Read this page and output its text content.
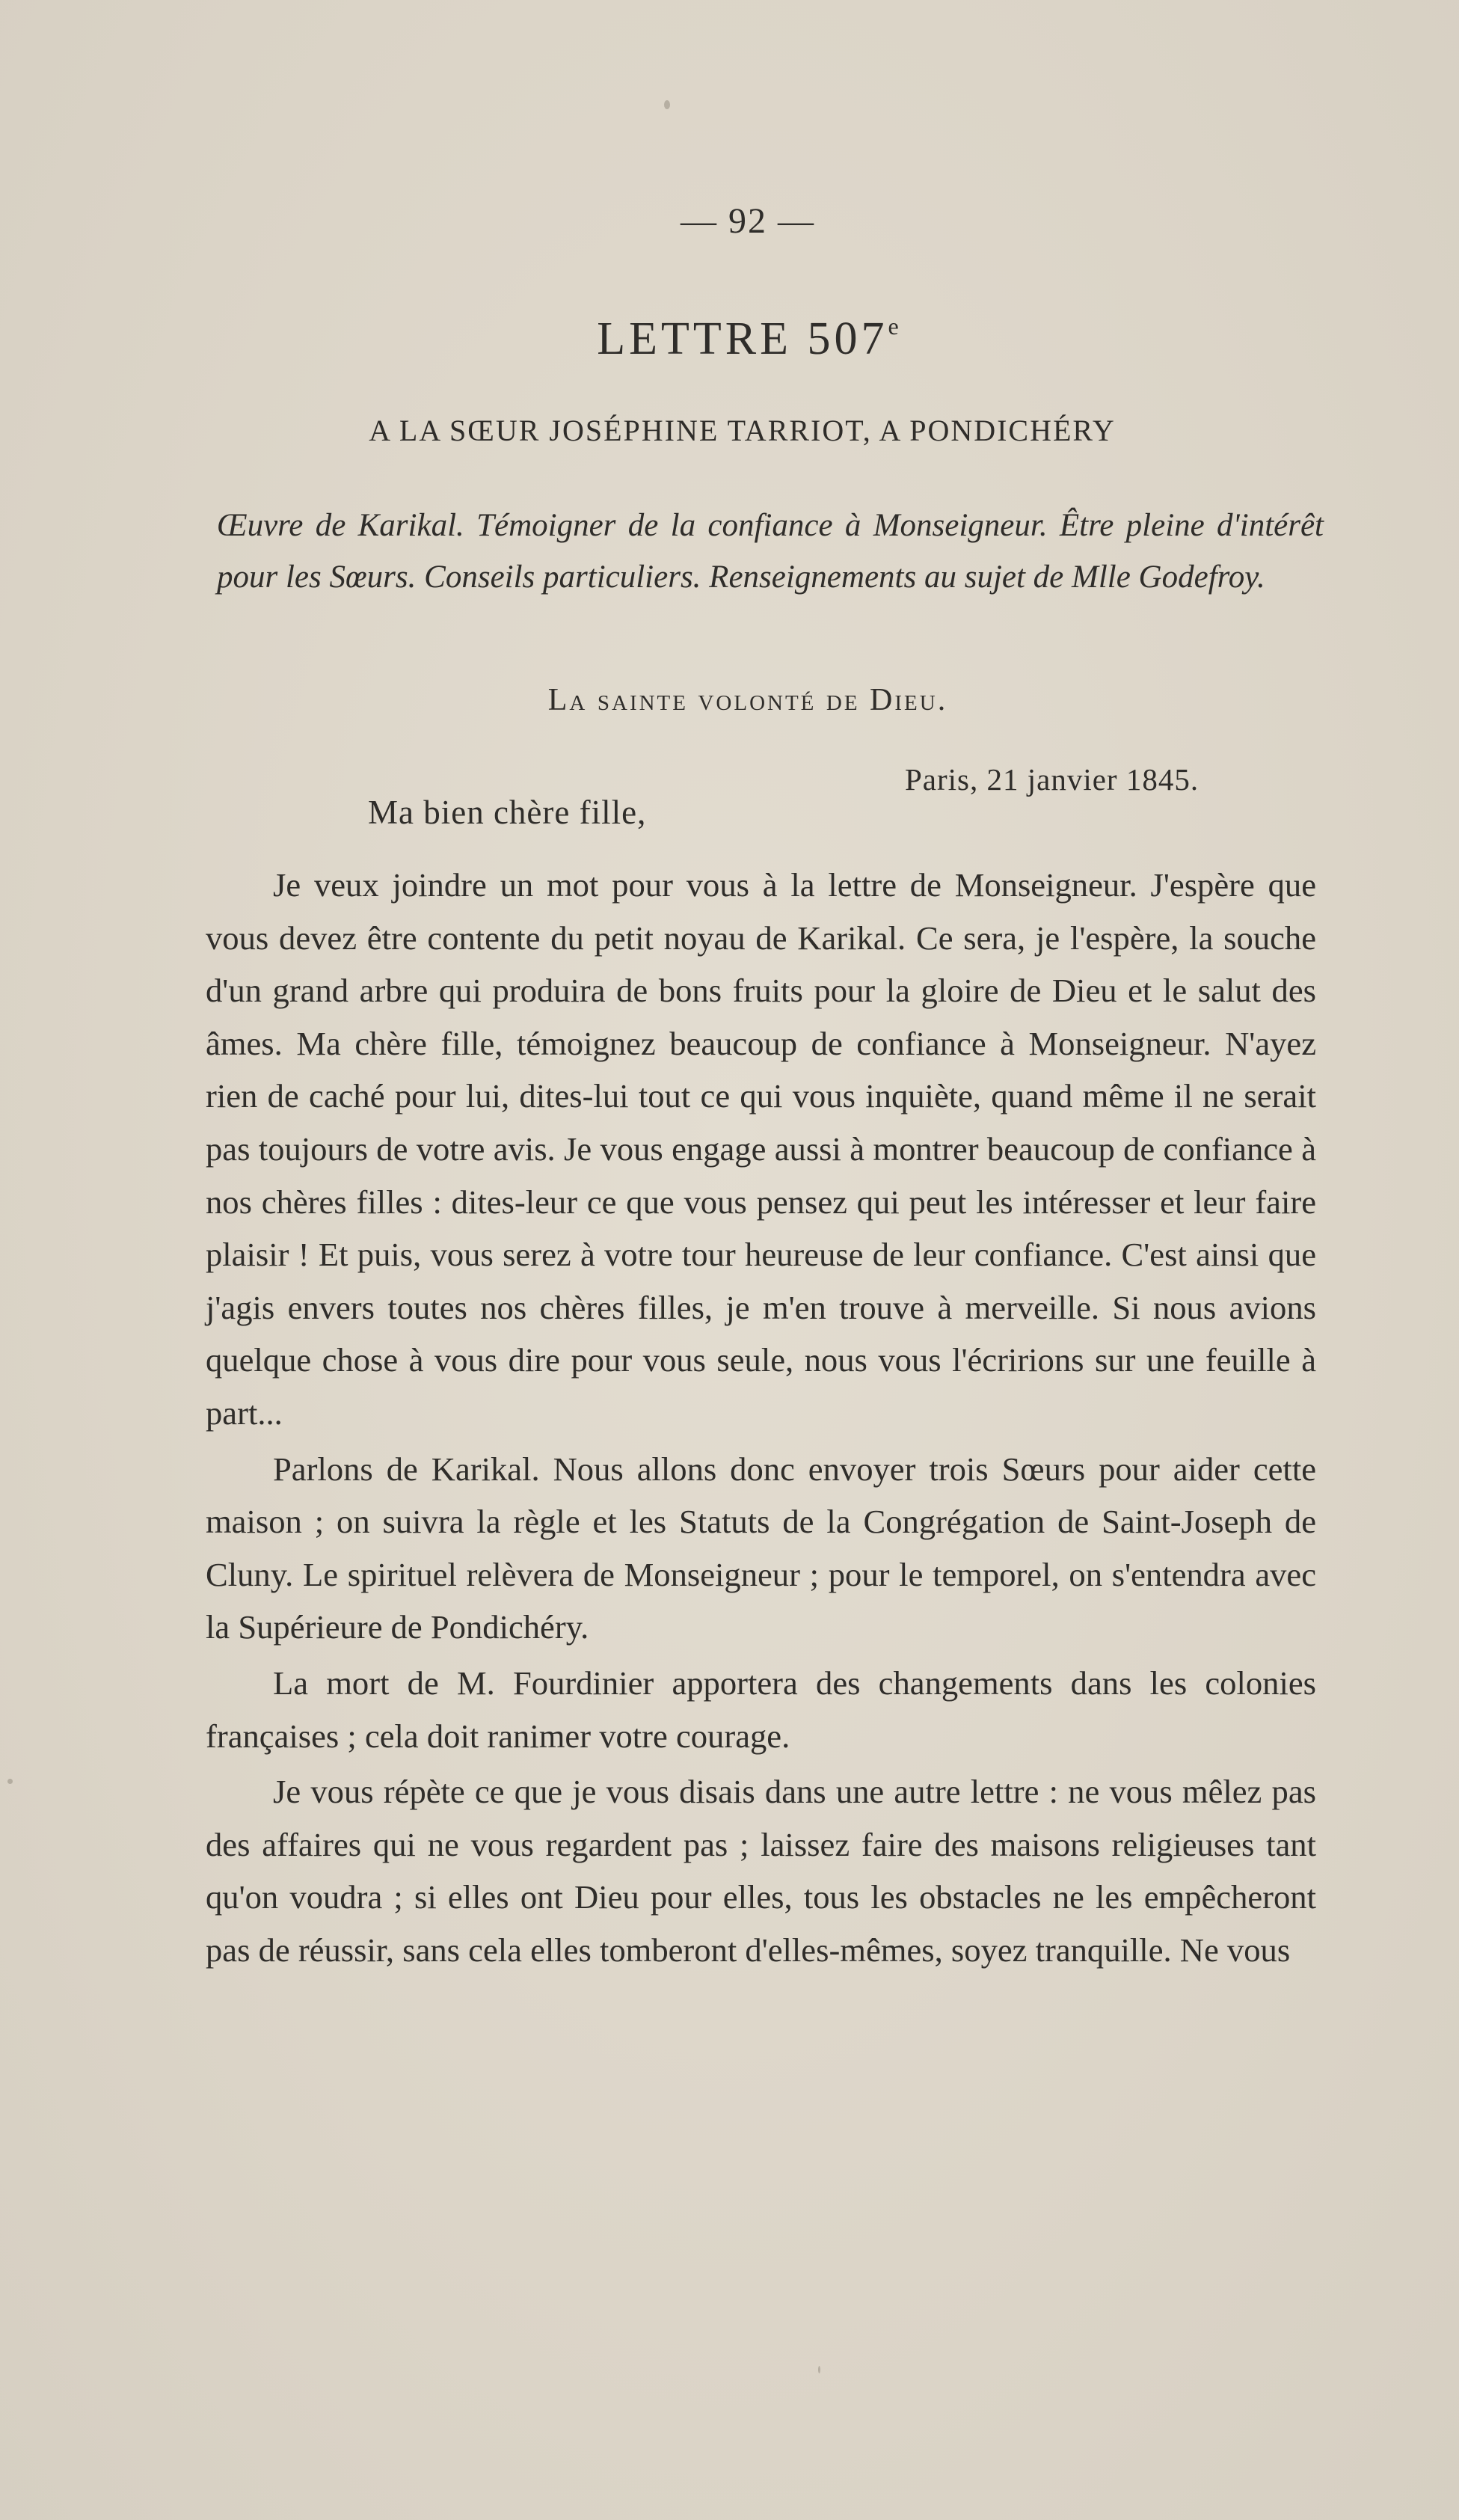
— 92 —
LETTRE 507e
A LA SŒUR JOSÉPHINE TARRIOT, A PONDICHÉRY
Œuvre de Karikal. Témoigner de la confiance à Monseigneur. Être pleine d'intérêt pour les Sœurs. Conseils particuliers. Renseignements au sujet de Mlle Godefroy.
La sainte volonté de Dieu.
Paris, 21 janvier 1845.
Ma bien chère fille,

Je veux joindre un mot pour vous à la lettre de Monseigneur. J'espère que vous devez être contente du petit noyau de Karikal. Ce sera, je l'espère, la souche d'un grand arbre qui produira de bons fruits pour la gloire de Dieu et le salut des âmes. Ma chère fille, témoignez beaucoup de confiance à Monseigneur. N'ayez rien de caché pour lui, dites-lui tout ce qui vous inquiète, quand même il ne serait pas toujours de votre avis. Je vous engage aussi à montrer beaucoup de confiance à nos chères filles : dites-leur ce que vous pensez qui peut les intéresser et leur faire plaisir ! Et puis, vous serez à votre tour heureuse de leur confiance. C'est ainsi que j'agis envers toutes nos chères filles, je m'en trouve à merveille. Si nous avions quelque chose à vous dire pour vous seule, nous vous l'écririons sur une feuille à part...

Parlons de Karikal. Nous allons donc envoyer trois Sœurs pour aider cette maison ; on suivra la règle et les Statuts de la Congrégation de Saint-Joseph de Cluny. Le spirituel relèvera de Monseigneur ; pour le temporel, on s'entendra avec la Supérieure de Pondichéry.

La mort de M. Fourdinier apportera des changements dans les colonies françaises ; cela doit ranimer votre courage.

Je vous répète ce que je vous disais dans une autre lettre : ne vous mêlez pas des affaires qui ne vous regardent pas ; laissez faire des maisons religieuses tant qu'on voudra ; si elles ont Dieu pour elles, tous les obstacles ne les empêcheront pas de réussir, sans cela elles tomberont d'elles-mêmes, soyez tranquille. Ne vous
